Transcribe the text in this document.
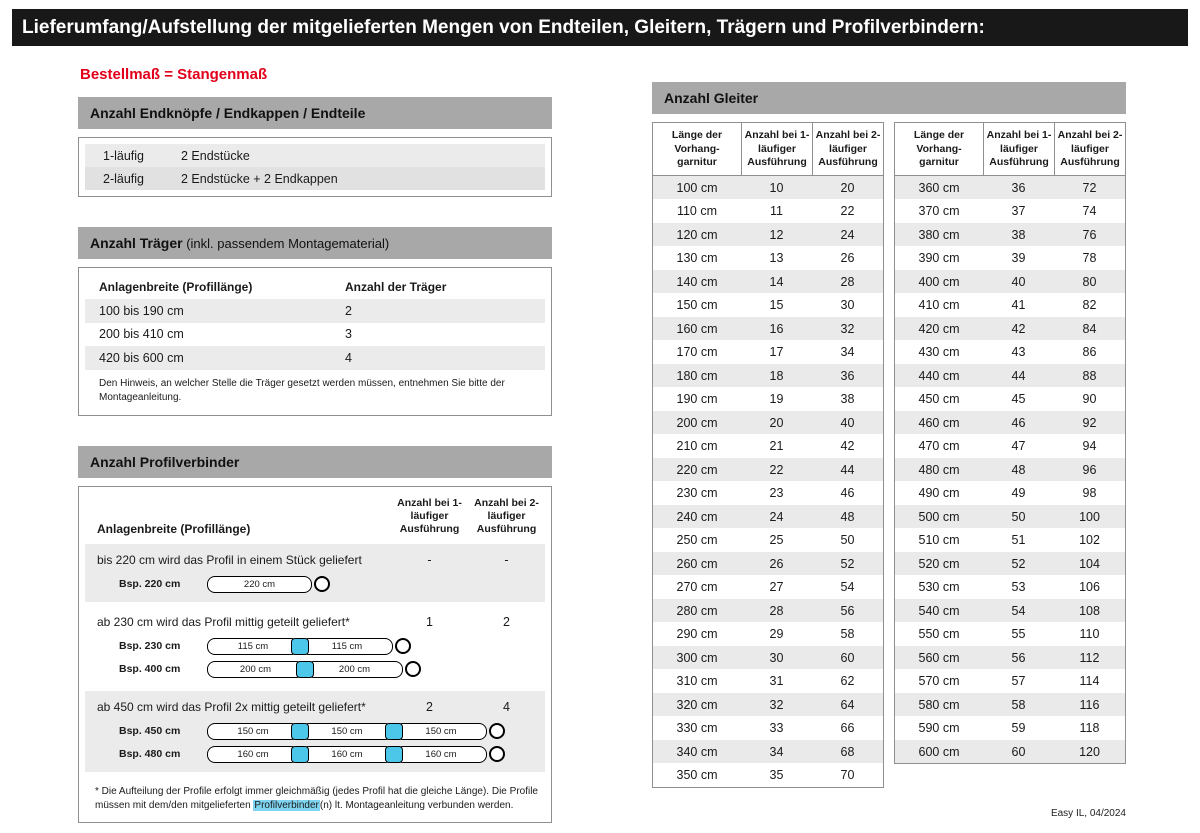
Lieferumfang/Aufstellung der mitgelieferten Mengen von Endteilen, Gleitern, Trägern und Profilverbindern:
Bestellmaß = Stangenmaß
Anzahl Endknöpfe / Endkappen / Endteile
1-läufig	2 Endstücke
2-läufig	2 Endstücke + 2 Endkappen
Anzahl Träger (inkl. passendem Montagematerial)
Anlagenbreite (Profillänge)	Anzahl der Träger
100 bis 190 cm	2
200 bis 410 cm	3
420 bis 600 cm	4
Den Hinweis, an welcher Stelle die Träger gesetzt werden müssen, entnehmen Sie bitte der Montageanleitung.
Anzahl Profilverbinder
Anlagenbreite (Profillänge)
Anzahl bei 1-läufiger Ausführung
Anzahl bei 2-läufiger Ausführung
bis 220 cm wird das Profil in einem Stück geliefert	-	-
Bsp. 220 cm	220 cm
ab 230 cm wird das Profil mittig geteilt geliefert*	1	2
Bsp. 230 cm	115 cm	115 cm
Bsp. 400 cm	200 cm	200 cm
ab 450 cm wird das Profil 2x mittig geteilt geliefert*	2	4
Bsp. 450 cm	150 cm	150 cm	150 cm
Bsp. 480 cm	160 cm	160 cm	160 cm
* Die Aufteilung der Profile erfolgt immer gleichmäßig (jedes Profil hat die gleiche Länge). Die Profile müssen mit dem/den mitgelieferten Profilverbinder(n) lt. Montageanleitung verbunden werden.
Anzahl Gleiter
Länge der Vorhang- garnitur
Anzahl bei 1-läufiger Ausführung
Anzahl bei 2-läufiger Ausführung
100 cm	10	20
110 cm	11	22
120 cm	12	24
130 cm	13	26
140 cm	14	28
150 cm	15	30
160 cm	16	32
170 cm	17	34
180 cm	18	36
190 cm	19	38
200 cm	20	40
210 cm	21	42
220 cm	22	44
230 cm	23	46
240 cm	24	48
250 cm	25	50
260 cm	26	52
270 cm	27	54
280 cm	28	56
290 cm	29	58
300 cm	30	60
310 cm	31	62
320 cm	32	64
330 cm	33	66
340 cm	34	68
350 cm	35	70
Länge der Vorhang- garnitur
Anzahl bei 1-läufiger Ausführung
Anzahl bei 2-läufiger Ausführung
360 cm	36	72
370 cm	37	74
380 cm	38	76
390 cm	39	78
400 cm	40	80
410 cm	41	82
420 cm	42	84
430 cm	43	86
440 cm	44	88
450 cm	45	90
460 cm	46	92
470 cm	47	94
480 cm	48	96
490 cm	49	98
500 cm	50	100
510 cm	51	102
520 cm	52	104
530 cm	53	106
540 cm	54	108
550 cm	55	110
560 cm	56	112
570 cm	57	114
580 cm	58	116
590 cm	59	118
600 cm	60	120
Easy IL, 04/2024
